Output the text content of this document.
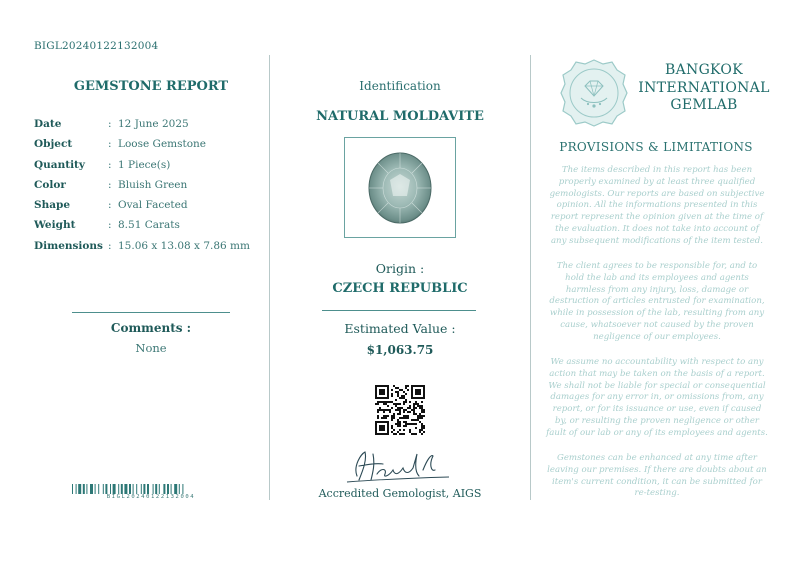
BIGL20240122132004
GEMSTONE REPORT
Date	: 12 June 2025
Object	: Loose Gemstone
Quantity : 1 Piece(s)
Color	: Bluish Green
Shape	: Oval Faceted
Weight	: 8.51 Carats
Dimensions : 15.06 x 13.08 x 7.86 mm
Comments :
None
BIGL20240122132004
Identification
NATURAL MOLDAVITE
Origin :
CZECH REPUBLIC
Estimated Value :
$1,063.75
Accredited Gemologist, AIGS
BANGKOK
INTERNATIONAL
GEMLAB
PROVISIONS & LIMITATIONS
The items described in this report has been properly examined by at least three qualified gemologists. Our reports are based on subjective opinion. All the informations presented in this report represent the opinion given at the time of the evaluation. It does not take into account of any subsequent modifications of the item tested.
The client agrees to be responsible for, and to hold the lab and its employees and agents harmless from any injury, loss, damage or destruction of articles entrusted for examination, while in possession of the lab, resulting from any cause, whatsoever not caused by the proven negligence of our employees.
We assume no accountability with respect to any action that may be taken on the basis of a report. We shall not be liable for special or consequential damages for any error in, or omissions from, any report, or for its issuance or use, even if caused by, or resulting the proven negligence or other fault of our lab or any of its employees and agents.
Gemstones can be enhanced at any time after leaving our premises. If there are doubts about an item's current condition, it can be submitted for re-testing.
